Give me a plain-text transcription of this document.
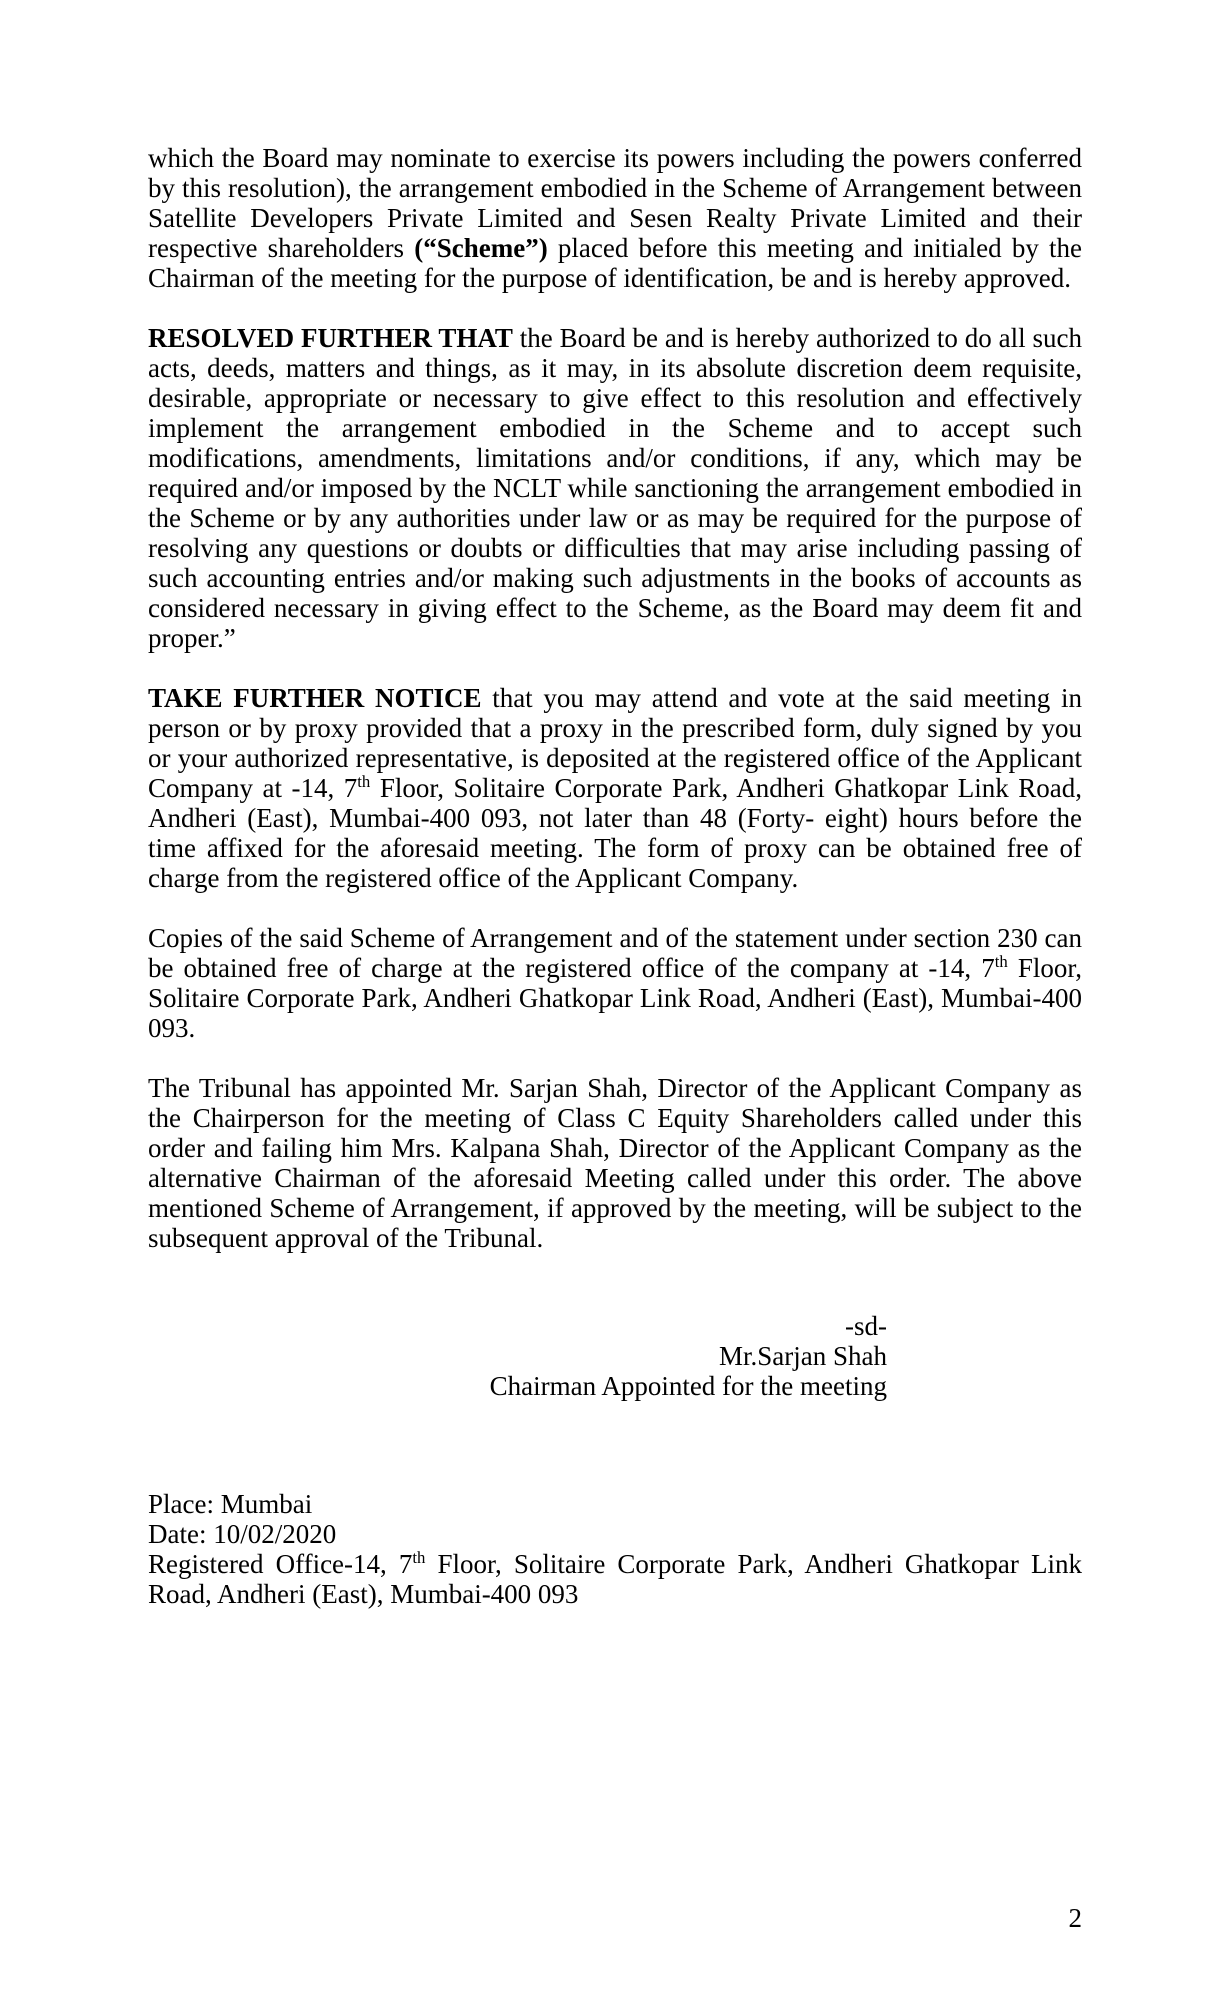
which the Board may nominate to exercise its powers including the powers conferred by this resolution), the arrangement embodied in the Scheme of Arrangement between Satellite Developers Private Limited and Sesen Realty Private Limited and their respective shareholders (“Scheme”) placed before this meeting and initialed by the Chairman of the meeting for the purpose of identification, be and is hereby approved.

RESOLVED FURTHER THAT the Board be and is hereby authorized to do all such acts, deeds, matters and things, as it may, in its absolute discretion deem requisite, desirable, appropriate or necessary to give effect to this resolution and effectively implement the arrangement embodied in the Scheme and to accept such modifications, amendments, limitations and/or conditions, if any, which may be required and/or imposed by the NCLT while sanctioning the arrangement embodied in the Scheme or by any authorities under law or as may be required for the purpose of resolving any questions or doubts or difficulties that may arise including passing of such accounting entries and/or making such adjustments in the books of accounts as considered necessary in giving effect to the Scheme, as the Board may deem fit and proper.”

TAKE FURTHER NOTICE that you may attend and vote at the said meeting in person or by proxy provided that a proxy in the prescribed form, duly signed by you or your authorized representative, is deposited at the registered office of the Applicant Company at -14, 7th Floor, Solitaire Corporate Park, Andheri Ghatkopar Link Road, Andheri (East), Mumbai-400 093, not later than 48 (Forty- eight) hours before the time affixed for the aforesaid meeting. The form of proxy can be obtained free of charge from the registered office of the Applicant Company.

Copies of the said Scheme of Arrangement and of the statement under section 230 can be obtained free of charge at the registered office of the company at -14, 7th Floor, Solitaire Corporate Park, Andheri Ghatkopar Link Road, Andheri (East), Mumbai-400 093.

The Tribunal has appointed Mr. Sarjan Shah, Director of the Applicant Company as the Chairperson for the meeting of Class C Equity Shareholders called under this order and failing him Mrs. Kalpana Shah, Director of the Applicant Company as the alternative Chairman of the aforesaid Meeting called under this order. The above mentioned Scheme of Arrangement, if approved by the meeting, will be subject to the subsequent approval of the Tribunal.

-sd-
Mr.Sarjan Shah
Chairman Appointed for the meeting
Place: Mumbai
Date: 10/02/2020

Registered Office-14, 7th Floor, Solitaire Corporate Park, Andheri Ghatkopar Link Road, Andheri (East), Mumbai-400 093

2
